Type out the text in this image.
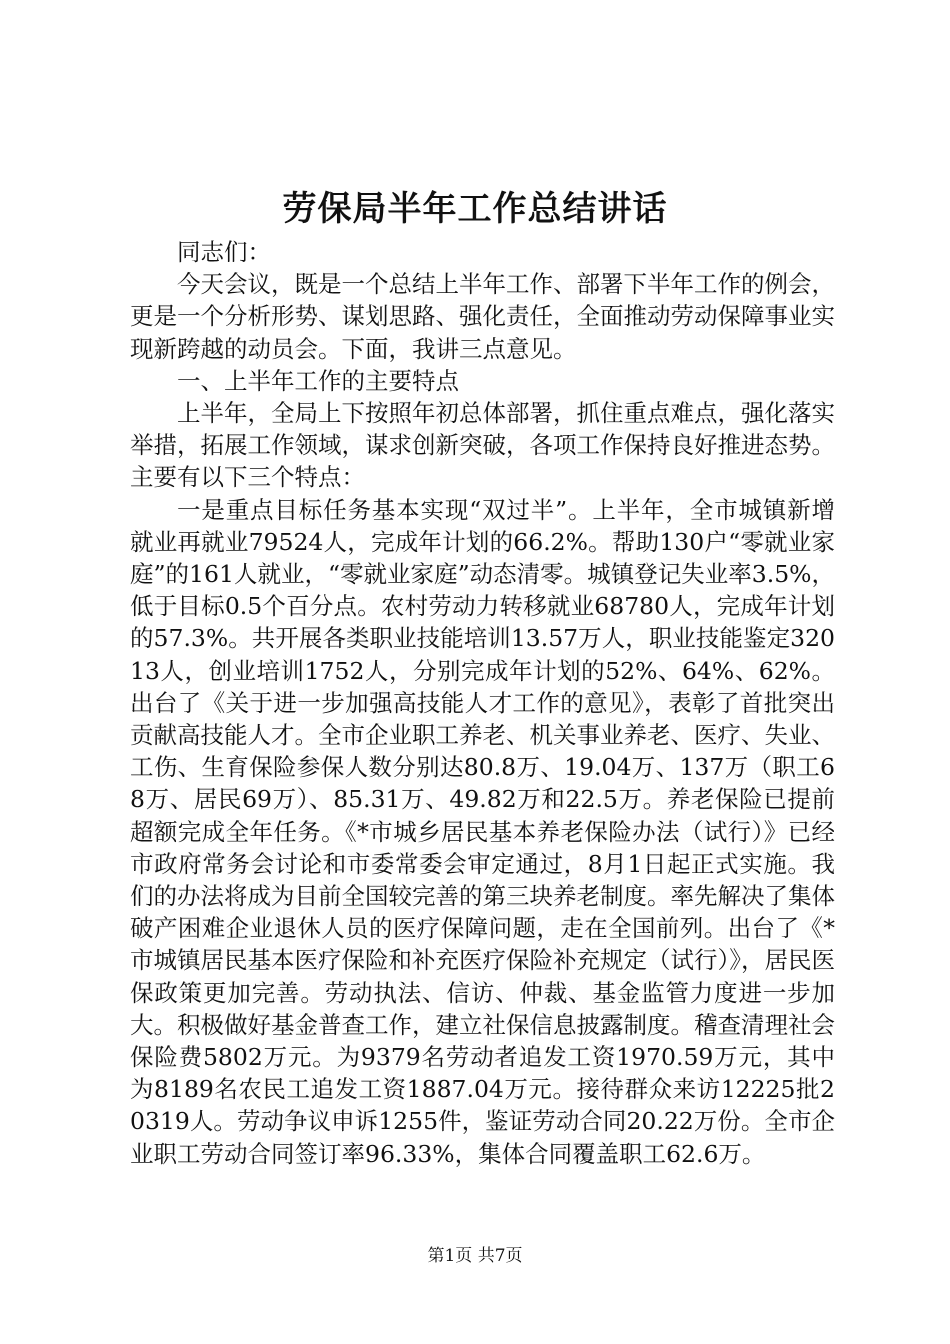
劳保局半年工作总结讲话

同志们：

今天会议，既是一个总结上半年工作、部署下半年工作的例会，更是一个分析形势、谋划思路、强化责任，全面推动劳动保障事业实现新跨越的动员会。下面，我讲三点意见。

一、上半年工作的主要特点

上半年，全局上下按照年初总体部署，抓住重点难点，强化落实举措，拓展工作领域，谋求创新突破，各项工作保持良好推进态势。主要有以下三个特点：

一是重点目标任务基本实现“双过半”。上半年，全市城镇新增就业再就业79524人，完成年计划的66.2%。帮助130户“零就业家庭”的161人就业，“零就业家庭”动态清零。城镇登记失业率3.5%，低于目标0.5个百分点。农村劳动力转移就业68780人，完成年计划的57.3%。共开展各类职业技能培训13.57万人，职业技能鉴定32013人，创业培训1752人，分别完成年计划的52%、64%、62%。出台了《关于进一步加强高技能人才工作的意见》，表彰了首批突出贡献高技能人才。全市企业职工养老、机关事业养老、医疗、失业、工伤、生育保险参保人数分别达80.8万、19.04万、137万（职工68万、居民69万）、85.31万、49.82万和22.5万。养老保险已提前超额完成全年任务。《*市城乡居民基本养老保险办法（试行）》已经市政府常务会讨论和市委常委会审定通过，8月1日起正式实施。我们的办法将成为目前全国较完善的第三块养老制度。率先解决了集体破产困难企业退休人员的医疗保障问题，走在全国前列。出台了《*市城镇居民基本医疗保险和补充医疗保险补充规定（试行）》，居民医保政策更加完善。劳动执法、信访、仲裁、基金监管力度进一步加大。积极做好基金普查工作，建立社保信息披露制度。稽查清理社会保险费5802万元。为9379名劳动者追发工资1970.59万元，其中为8189名农民工追发工资1887.04万元。接待群众来访12225批20319人。劳动争议申诉1255件，鉴证劳动合同20.22万份。全市企业职工劳动合同签订率96.33%，集体合同覆盖职工62.6万。

第1页 共7页
